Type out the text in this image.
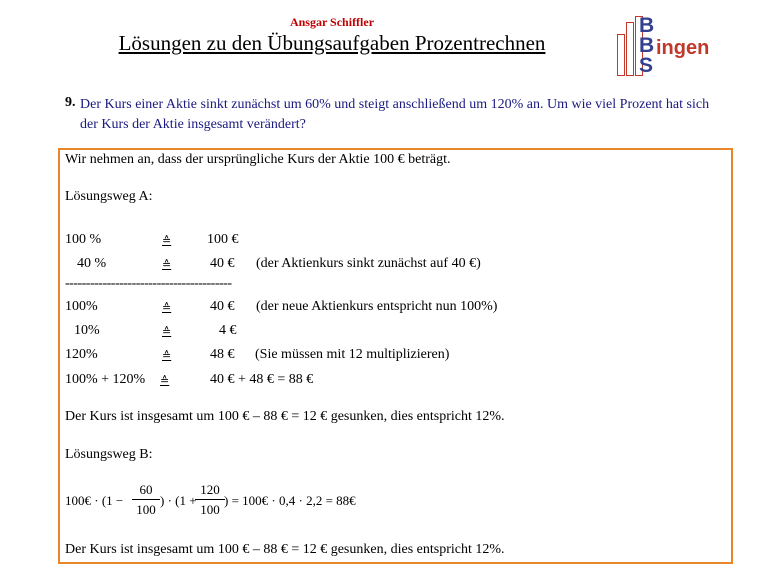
Ansgar Schiffler
Lösungen zu den Übungsaufgaben Prozentrechnen
B
B
S
ingen
9. Der Kurs einer Aktie sinkt zunächst um 60% und steigt anschließend um 120% an. Um wie viel Prozent hat sich der Kurs der Aktie insgesamt verändert?
Wir nehmen an, dass der ursprüngliche Kurs der Aktie 100 € beträgt.
Lösungsweg A:
100 %	≙	100 €
40 %	≙	40 € (der Aktienkurs sinkt zunächst auf 40 €)
----------------------------------------
100%	≙	40 € (der neue Aktienkurs entspricht nun 100%)
10%	≙	4 €
120%	≙	48 € (Sie müssen mit 12 multiplizieren)
100% + 120% ≙	40 € + 48 € = 88 €
Der Kurs ist insgesamt um 100 € – 88 € = 12 € gesunken, dies entspricht 12%.
Lösungsweg B:
100€ · ($1 - \frac{60}{100}$ ) · (1 +
$\frac{120}{100}$ ) = 100€ · 0,4 · 2,2 = 88€
Der Kurs ist insgesamt um 100 € – 88 € = 12 € gesunken, dies entspricht 12%.
